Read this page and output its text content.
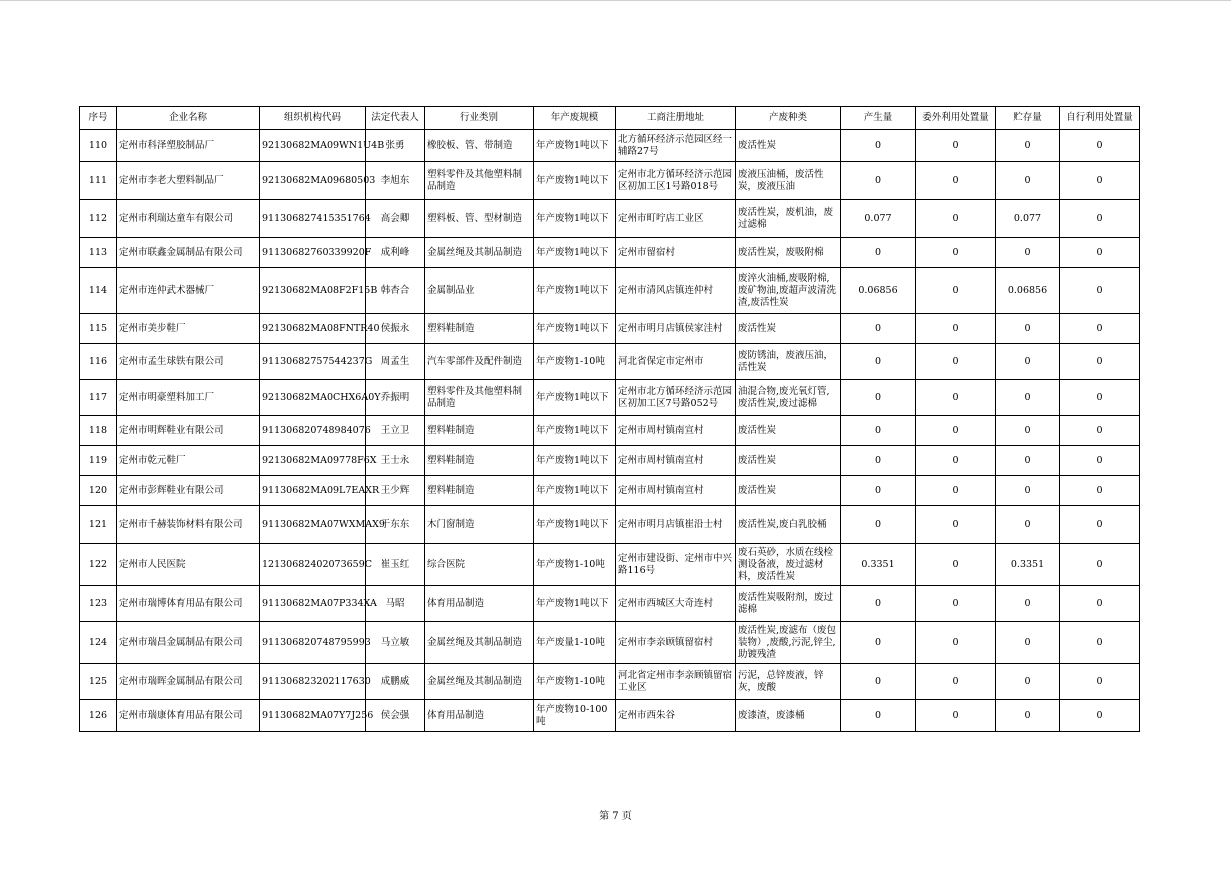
序号	企业名称	组织机构代码	法定代表人	行业类别	年产废规模	工商注册地址	产废种类	产生量	委外利用处置量	贮存量	自行利用处置量
110	定州市科泽塑胶制品厂	92130682MA09WN1U4B	张勇	橡胶板、管、带制造	年产废物1吨以下	北方循环经济示范园区经一辅路27号	废活性炭	0	0	0	0
111	定州市李老大塑料制品厂	92130682MA09680503	李旭东	塑料零件及其他塑料制品制造	年产废物1吨以下	定州市北方循环经济示范园区初加工区1号路018号	废液压油桶，废活性炭，废液压油	0	0	0	0
112	定州市利瑞达童车有限公司	911306827415351764	高会卿	塑料板、管、型材制造	年产废物1吨以下	定州市町咛店工业区	废活性炭，废机油，废过滤棉	0.077	0	0.077	0
113	定州市联鑫金属制品有限公司	91130682760339920F	成利峰	金属丝绳及其制品制造	年产废物1吨以下	定州市留宿村	废活性炭，废吸附棉	0	0	0	0
114	定州市连仲武术器械厂	92130682MA08F2F15B	韩杏合	金属制品业	年产废物1吨以下	定州市清风店镇连仲村	废淬火油桶,废吸附棉,废矿物油,废超声波清洗渣,废活性炭	0.06856	0	0.06856	0
115	定州市美步鞋厂	92130682MA08FNTR40	侯振永	塑料鞋制造	年产废物1吨以下	定州市明月店镇侯家洼村	废活性炭	0	0	0	0
116	定州市孟生球铁有限公司	91130682757544237G	周孟生	汽车零部件及配件制造	年产废物1-10吨	河北省保定市定州市	废防锈油，废液压油，活性炭	0	0	0	0
117	定州市明豪塑料加工厂	92130682MA0CHX6A0Y	乔振明	塑料零件及其他塑料制品制造	年产废物1吨以下	定州市北方循环经济示范园区初加工区7号路052号	油混合物,废光氧灯管,废活性炭,废过滤棉	0	0	0	0
118	定州市明辉鞋业有限公司	911306820748984076	王立卫	塑料鞋制造	年产废物1吨以下	定州市周村镇南宣村	废活性炭	0	0	0	0
119	定州市乾元鞋厂	92130682MA09778F6X	王士永	塑料鞋制造	年产废物1吨以下	定州市周村镇南宣村	废活性炭	0	0	0	0
120	定州市彭辉鞋业有限公司	91130682MA09L7EAXR	王少辉	塑料鞋制造	年产废物1吨以下	定州市周村镇南宣村	废活性炭	0	0	0	0
121	定州市千赫装饰材料有限公司	91130682MA07WXMAX9	于东东	木门窗制造	年产废物1吨以下	定州市明月店镇崔沿士村	废活性炭,废白乳胶桶	0	0	0	0
122	定州市人民医院	12130682402073659C	崔玉红	综合医院	年产废物1-10吨	定州市建设街、定州市中兴路116号	废石英砂，水质在线检测设备液，废过滤材料，废活性炭	0.3351	0	0.3351	0
123	定州市瑞博体育用品有限公司	91130682MA07P334XA	马昭	体育用品制造	年产废物1吨以下	定州市西城区大奇连村	废活性炭吸附剂，废过滤棉	0	0	0	0
124	定州市瑞昌金属制品有限公司	911306820748795993	马立敏	金属丝绳及其制品制造	年产废量1-10吨	定州市李亲顾镇留宿村	废活性炭,废滤布（废包装物）,废酸,污泥,锌尘,助镀残渣	0	0	0	0
125	定州市瑞晖金属制品有限公司	911306823202117630	成鹏威	金属丝绳及其制品制造	年产废物1-10吨	河北省定州市李亲顾镇留宿工业区	污泥，总锌废液，锌灰，废酸	0	0	0	0
126	定州市瑞康体育用品有限公司	91130682MA07Y7J256	侯会强	体育用品制造	年产废物10-100吨	定州市西朱谷	废漆渣，废漆桶	0	0	0	0
第 7 页
